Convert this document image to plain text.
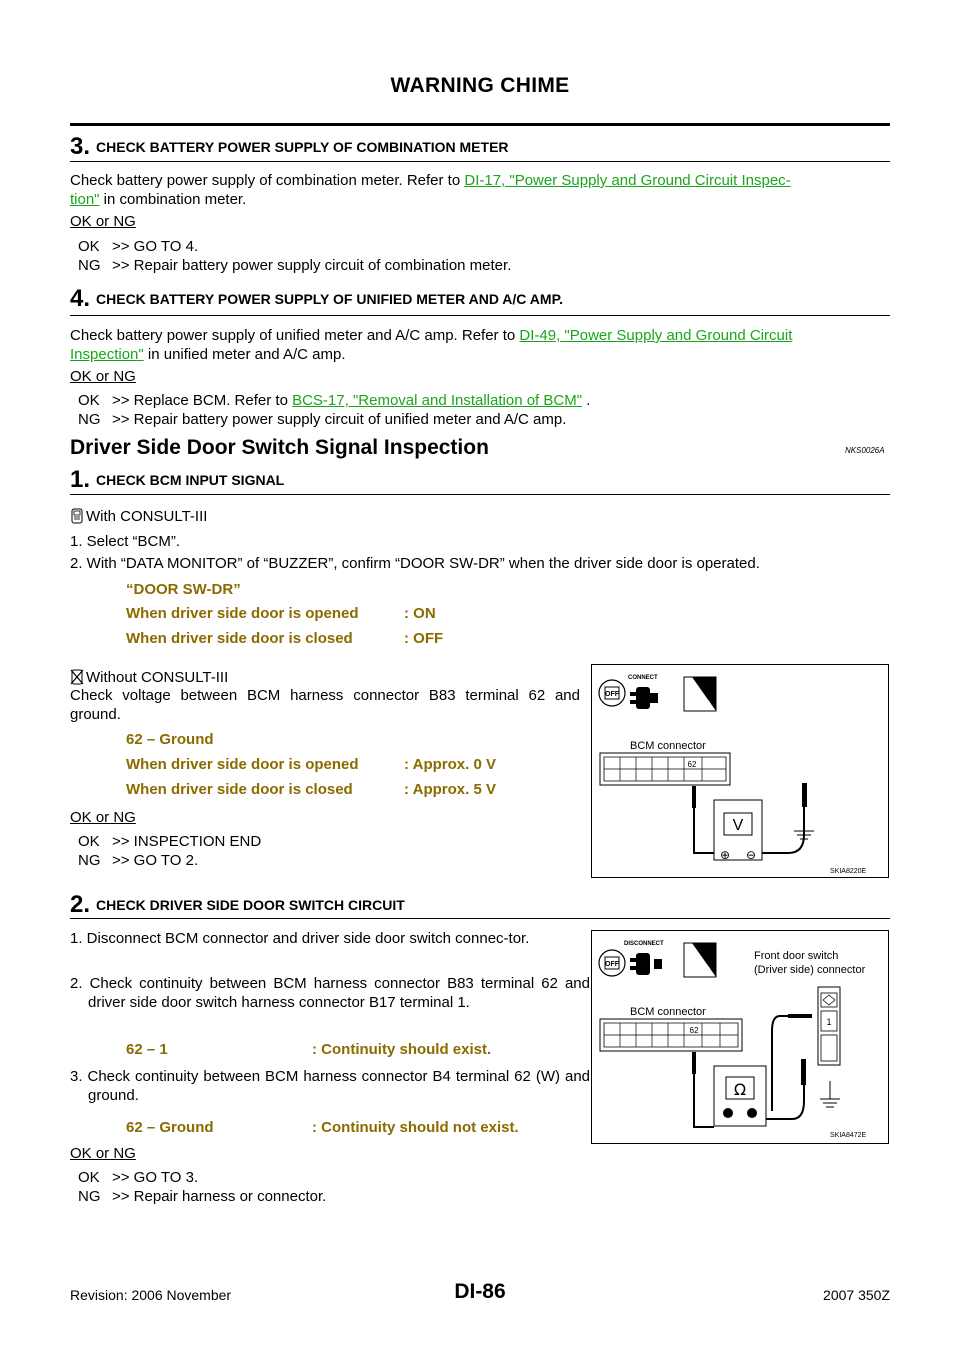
WARNING CHIME
3. CHECK BATTERY POWER SUPPLY OF COMBINATION METER
Check battery power supply of combination meter. Refer to DI-17, "Power Supply and Ground Circuit Inspec-
tion" in combination meter.
OK or NG
OK >> GO TO 4.
NG >> Repair battery power supply circuit of combination meter.
4. CHECK BATTERY POWER SUPPLY OF UNIFIED METER AND A/C AMP.
Check battery power supply of unified meter and A/C amp. Refer to DI-49, "Power Supply and Ground Circuit
Inspection" in unified meter and A/C amp.
OK or NG
OK >> Replace BCM. Refer to BCS-17, "Removal and Installation of BCM" .
NG >> Repair battery power supply circuit of unified meter and A/C amp.
Driver Side Door Switch Signal Inspection	NKS0026A
1. CHECK BCM INPUT SIGNAL
With CONSULT-III
1. Select “BCM”.
2. With “DATA MONITOR” of “BUZZER”, confirm “DOOR SW-DR” when the driver side door is operated.
“DOOR SW-DR”
When driver side door is opened	: ON
When driver side door is closed	: OFF
Without CONSULT-III
Check voltage between BCM harness connector B83 terminal 62 and ground.
62 – Ground
When driver side door is opened	: Approx. 0 V
When driver side door is closed	: Approx. 5 V
OK or NG
OK >> INSPECTION END
NG >> GO TO 2.
OFF
CONNECT
H.S.
BCM connector
62
V
⊕ ⊖
SKIA8220E
2. CHECK DRIVER SIDE DOOR SWITCH CIRCUIT
1. Disconnect BCM connector and driver side door switch connec-tor.
2. Check continuity between BCM harness connector B83 terminal 62 and driver side door switch harness connector B17 terminal 1.
62 – 1	: Continuity should exist.
3. Check continuity between BCM harness connector B4 terminal 62 (W) and ground.
62 – Ground	: Continuity should not exist.
OK or NG
OK >> GO TO 3.
NG >> Repair harness or connector.
OFF
DISCONNECT
H.S.
Front door switch
(Driver side) connector
BCM connector
62
1
Ω
SKIA8472E
DI-86
Revision: 2006 November	2007 350Z
